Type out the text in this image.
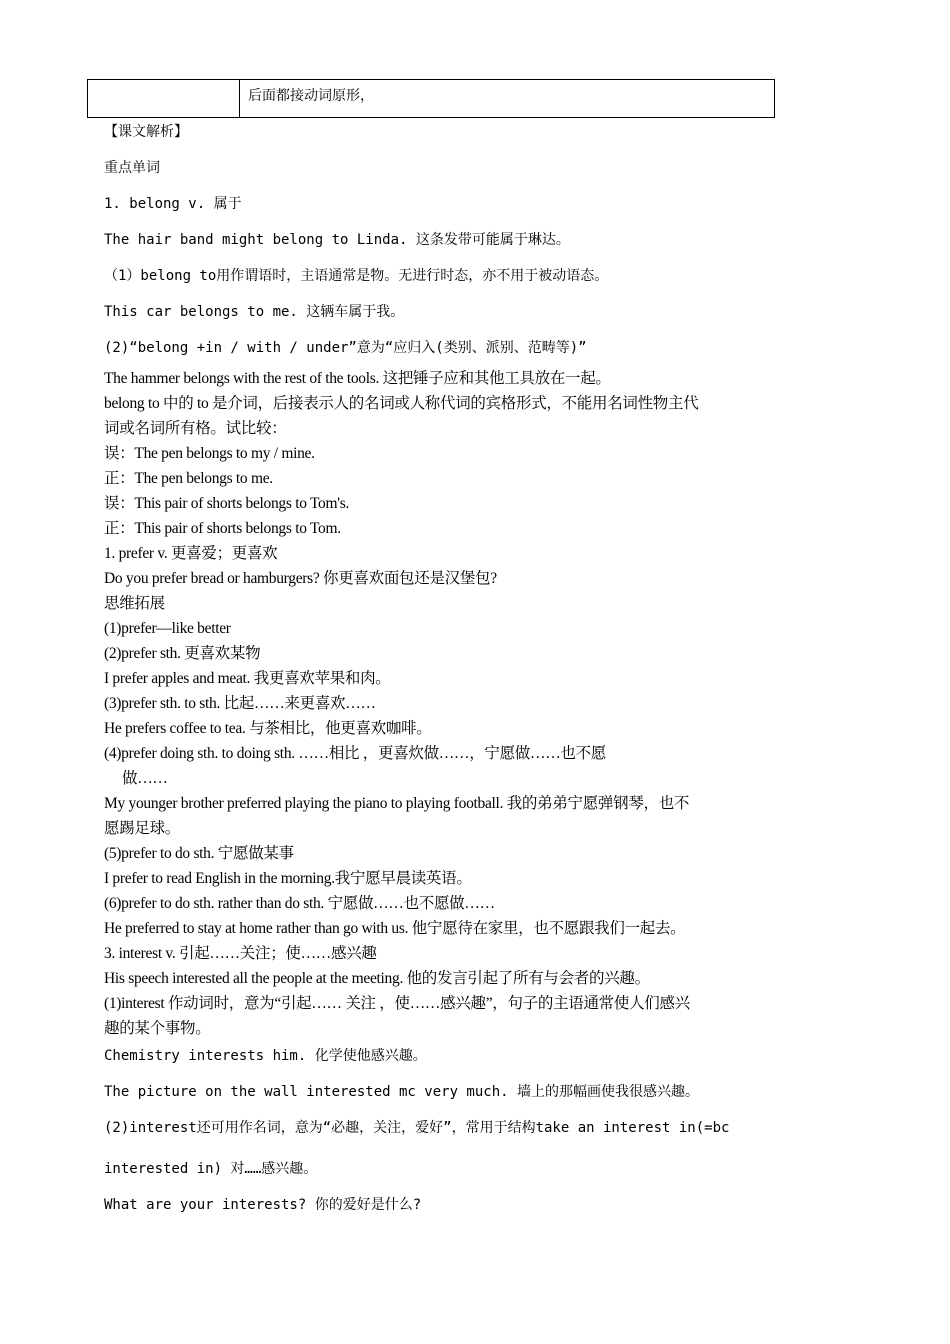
后面都接动词原形，
【课文解析】
重点单词
1. belong v. 属于
The hair band might belong to Linda. 这条发带可能属于琳达。
（1）belong to用作谓语时，主语通常是物。无进行时态，亦不用于被动语态。
This car belongs to me. 这辆车属于我。
(2)“belong +in / with / under”意为“应归入(类别、派别、范畴等)”
The hammer belongs with the rest of the tools. 这把锤子应和其他工具放在一起。
belong to 中的 to 是介词，后接表示人的名词或人称代词的宾格形式，不能用名词性物主代
词或名词所有格。试比较：
误：The pen belongs to my / mine.
正：The pen belongs to me.
误：This pair of shorts belongs to Tom's.
正：This pair of shorts belongs to Tom.
1. prefer v. 更喜爱；更喜欢
Do you prefer bread or hamburgers? 你更喜欢面包还是汉堡包?
思维拓展
(1)prefer—like better
(2)prefer sth. 更喜欢某物
I prefer apples and meat. 我更喜欢苹果和肉。
(3)prefer sth. to sth. 比起……来更喜欢……
He prefers coffee to tea. 与茶相比，他更喜欢咖啡。
(4)prefer doing sth. to doing sth. ……相比 ，更喜炊做……，宁愿做……也不愿
做……
My younger brother preferred playing the piano to playing football. 我的弟弟宁愿弹钢琴，也不
愿踢足球。
(5)prefer to do sth. 宁愿做某事
I prefer to read English in the morning.我宁愿早晨读英语。
(6)prefer to do sth. rather than do sth. 宁愿做……也不愿做……
He preferred to stay at home rather than go with us. 他宁愿待在家里，也不愿跟我们一起去。
3. interest v. 引起……关注；使……感兴趣
His speech interested all the people at the meeting. 他的发言引起了所有与会者的兴趣。
(1)interest 作动词时，意为“引起…… 关注 ，使……感兴趣”，句子的主语通常使人们感兴
趣的某个事物。
Chemistry interests him. 化学使他感兴趣。
The picture on the wall interested mc very much. 墙上的那幅画使我很感兴趣。
(2)interest还可用作名词，意为“必趣，关注，爱好”，常用于结构take an interest in(=bc
interested in) 对……感兴趣。
What are your interests? 你的爱好是什么?
